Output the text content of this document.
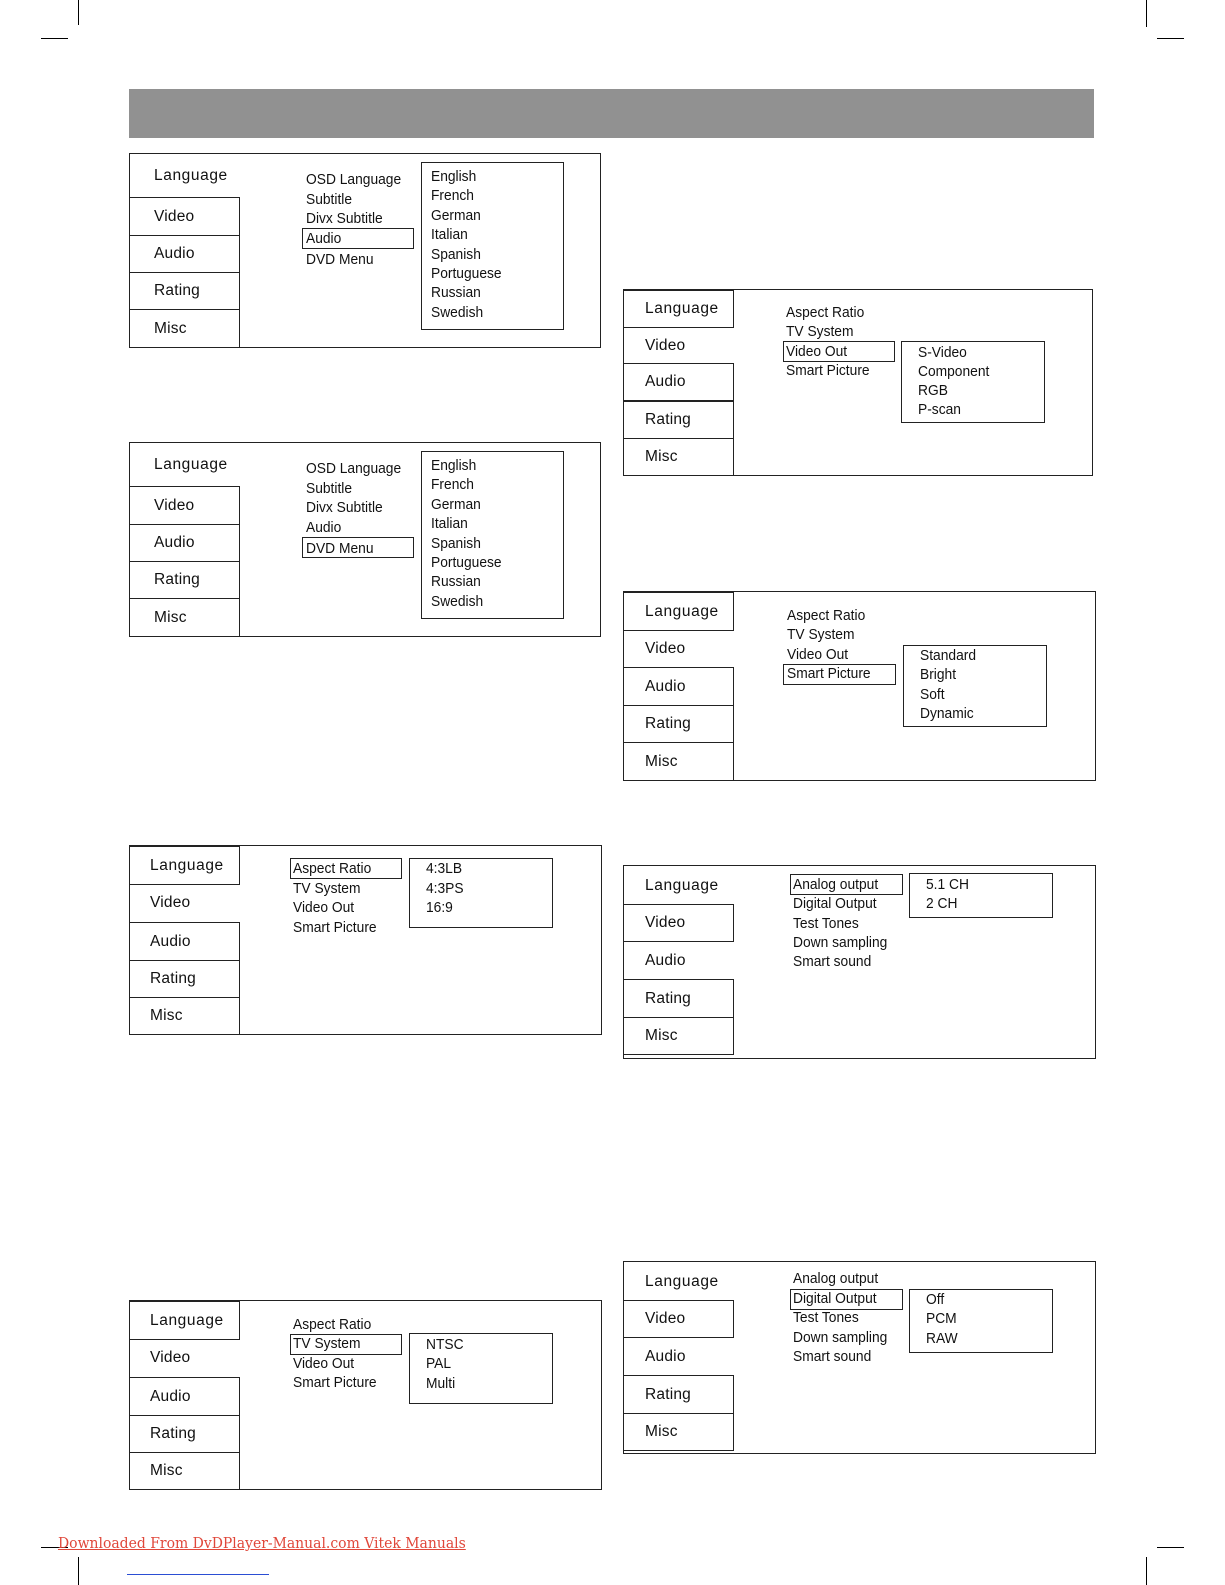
Language
Video
Audio
Rating
Misc
OSD Language
Subtitle
Divx Subtitle
Audio
DVD Menu
English
French
German
Italian
Spanish
Portuguese
Russian
Swedish
Language
Video
Audio
Rating
Misc
OSD Language
Subtitle
Divx Subtitle
Audio
DVD Menu
English
French
German
Italian
Spanish
Portuguese
Russian
Swedish
Language
Video
Audio
Rating
Misc
Aspect Ratio
TV System
Video Out
Smart Picture
4:3LB
4:3PS
16:9
Language
Video
Audio
Rating
Misc
Aspect Ratio
TV System
Video Out
Smart Picture
NTSC
PAL
Multi
Language
Video
Audio
Rating
Misc
Aspect Ratio
TV System
Video Out
Smart Picture
S-Video
Component
RGB
P-scan
Language
Video
Audio
Rating
Misc
Aspect Ratio
TV System
Video Out
Smart Picture
Standard
Bright
Soft
Dynamic
Language
Video
Audio
Rating
Misc
Analog output
Digital Output
Test Tones
Down sampling
Smart sound
5.1 CH
2 CH
Language
Video
Audio
Rating
Misc
Analog output
Digital Output
Test Tones
Down sampling
Smart sound
Off
PCM
RAW
Downloaded From DvDPlayer-Manual.com Vitek Manuals
